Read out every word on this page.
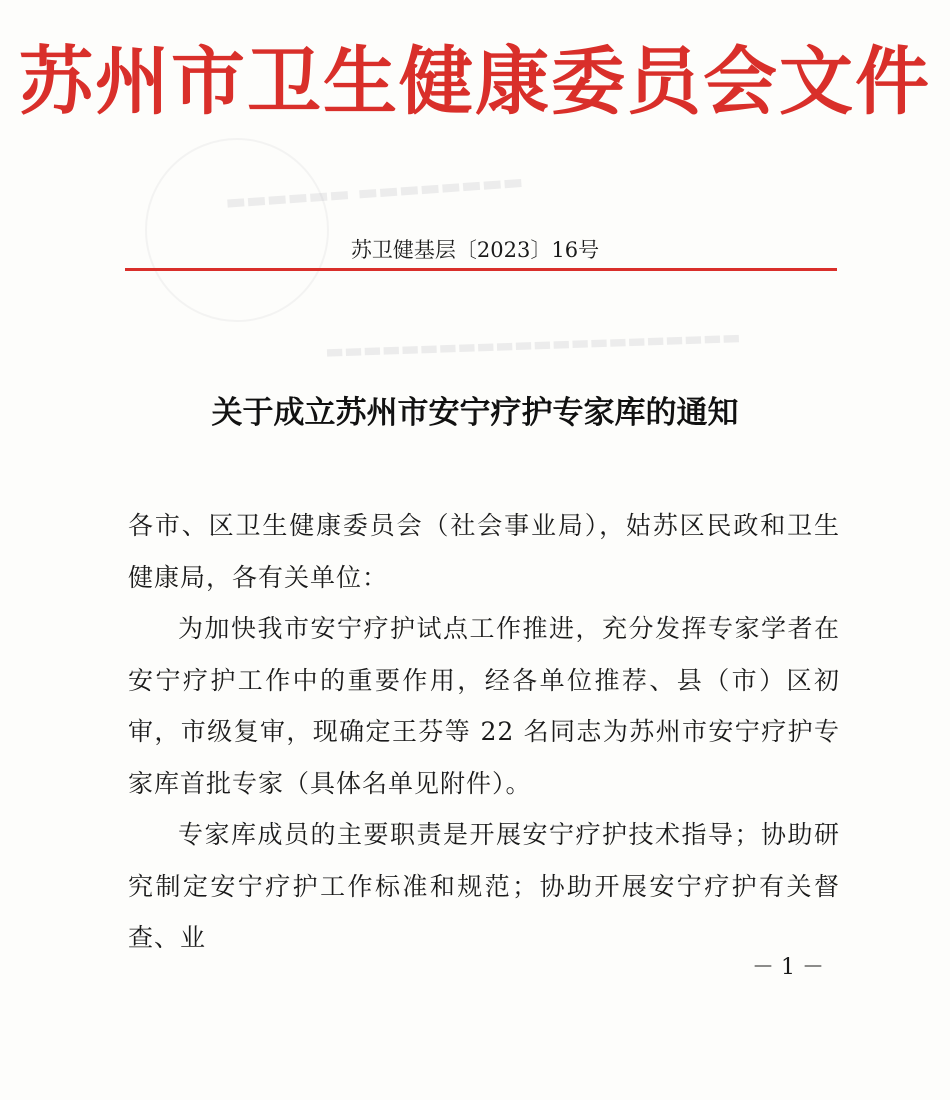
▬▬▬▬▬▬ ▬▬▬▬▬▬▬▬
▬▬▬▬▬▬▬▬▬▬▬▬▬▬▬▬▬▬▬▬▬▬
苏州市卫生健康委员会文件
苏卫健基层〔2023〕16号
关于成立苏州市安宁疗护专家库的通知

各市、区卫生健康委员会（社会事业局），姑苏区民政和卫生健康局，各有关单位：

为加快我市安宁疗护试点工作推进，充分发挥专家学者在安宁疗护工作中的重要作用，经各单位推荐、县（市）区初审，市级复审，现确定王芬等 22 名同志为苏州市安宁疗护专家库首批专家（具体名单见附件）。

专家库成员的主要职责是开展安宁疗护技术指导；协助研究制定安宁疗护工作标准和规范；协助开展安宁疗护有关督查、业

－ 1 －
